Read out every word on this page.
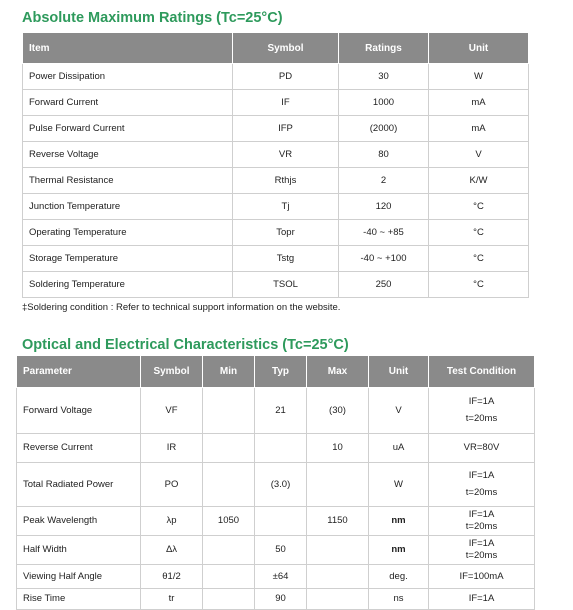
Absolute Maximum Ratings (Tc=25°C)
Item	Symbol	Ratings	Unit
Power Dissipation	PD	30	W
Forward Current	IF	1000	mA
Pulse Forward Current	IFP	(2000)	mA
Reverse Voltage	VR	80	V
Thermal Resistance	Rthjs	2	K/W
Junction Temperature	Tj	120	°C
Operating Temperature	Topr	-40 ~ +85	°C
Storage Temperature	Tstg	-40 ~ +100	°C
Soldering Temperature	TSOL	250	°C
‡Soldering condition : Refer to technical support information on the website.
Optical and Electrical Characteristics (Tc=25°C)
Parameter	Symbol	Min	Typ	Max	Unit	Test Condition
Forward Voltage	VF		21	(30)	V	IF=1A
t=20ms

Reverse Current	IR			10	uA	VR=80V
Total Radiated Power	PO		(3.0)		W	IF=1A
t=20ms

Peak Wavelength	λp	1050		1150	nm	IF=1A
t=20ms

Half Width	Δλ		50		nm	IF=1A
t=20ms

Viewing Half Angle	θ1/2		±64		deg.	IF=100mA
Rise Time	tr		90		ns	IF=1A
